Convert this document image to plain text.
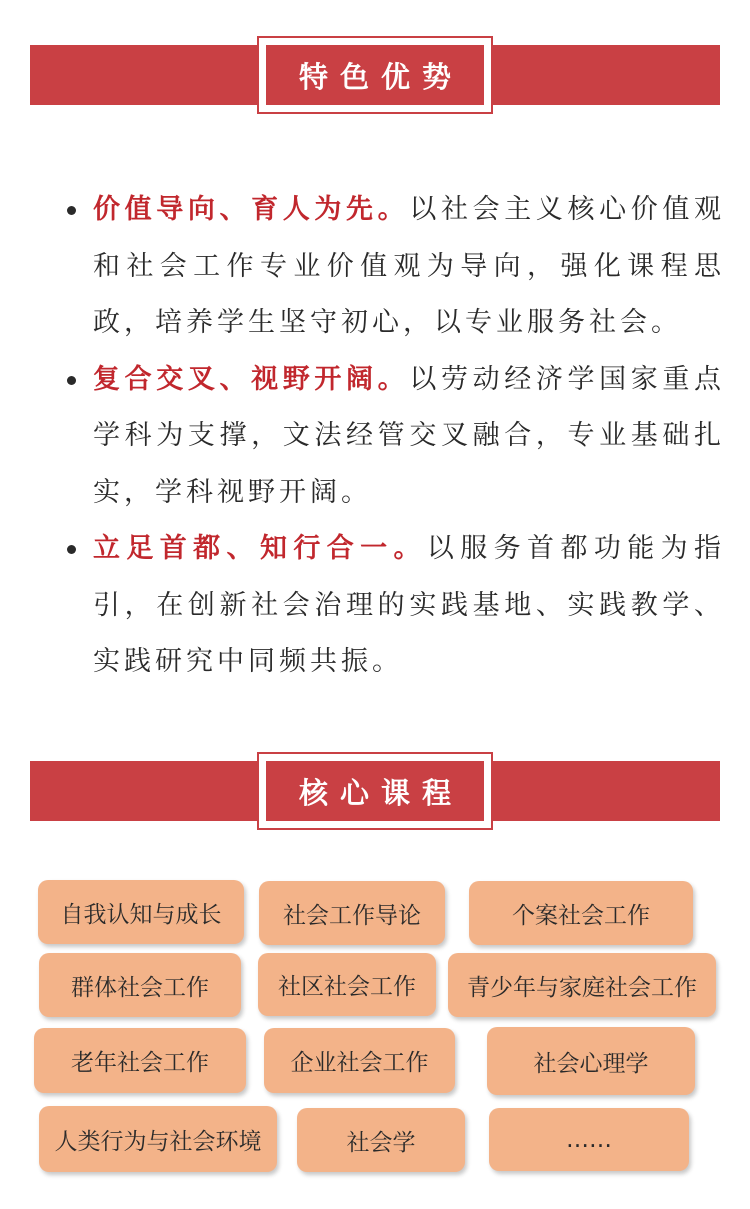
特色优势
价值导向、育人为先。以社会主义核心价值观和社会工作专业价值观为导向，强化课程思政，培养学生坚守初心，以专业服务社会。
复合交叉、视野开阔。以劳动经济学国家重点学科为支撑，文法经管交叉融合，专业基础扎实，学科视野开阔。
立足首都、知行合一。以服务首都功能为指引，在创新社会治理的实践基地、实践教学、实践研究中同频共振。
核心课程
自我认知与成长	社会工作导论	个案社会工作
群体社会工作	社区社会工作	青少年与家庭社会工作
老年社会工作	企业社会工作	社会心理学
人类行为与社会环境	社会学	……
